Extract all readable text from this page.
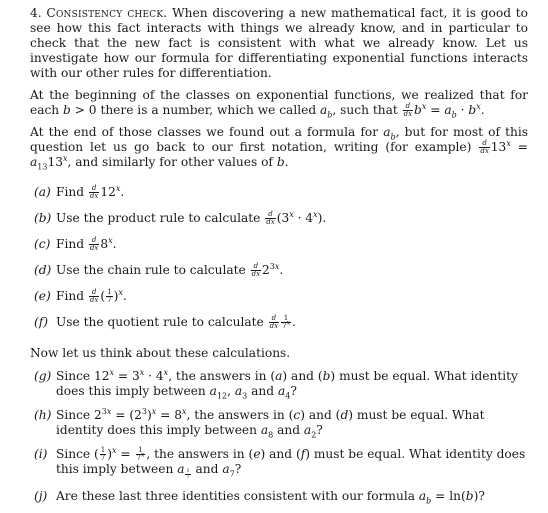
4. Consistency check. When discovering a new mathematical fact, it is good to see how this fact interacts with things we already know, and in particular to check that the new fact is consistent with what we already know. Let us investigate how our formula for differentiating exponential functions interacts with our other rules for differentiation.

At the beginning of the classes on exponential functions, we realized that for each b > 0 there is a number, which we called $a_b$, such that $\frac{d}{dx} b^x = a_b \cdot b^x$.

At the end of those classes we found out a formula for $a_b$, but for most of this question let us go back to our first notation, writing (for example) $\frac{d}{dx} 13^x = a_{13}13^x$, and similarly for other values of b.

(a) Find $\frac{d}{dx} 12^x$.
(b) Use the product rule to calculate $\frac{d}{dx} (3^x \cdot 4^x)$.
(c) Find $\frac{d}{dx} 8^x$.
(d) Use the chain rule to calculate $\frac{d}{dx} 2^{3x}$.
(e) Find $\frac{d}{dx}$ ( $\frac{1}{7} )^x$.
(f) Use the quotient rule to calculate $\frac{d}{dx} \frac{1}{7^x}$ .

Now let us think about these calculations.

(g) Since $12^x = 3^x \cdot 4^x$, the answers in (a) and (b) must be equal. What identity does this imply between $a_{12}$, $a_3$ and $a_4$?
(h) Since $2^{3x} = (2^3)^x = 8^x$, the answers in (c) and (d) must be equal. What identity does this imply between $a_8$ and $a_2$?
(i) Since ( $\frac{1}{7} )^x = \frac{1}{7^x}$ , the answers in (e) and (f) must be equal. What identity does this imply between a $_{\frac{1}{7}}$ and $a_7$?
(j) Are these last three identities consistent with our formula $a_b = \ln(b)$?
